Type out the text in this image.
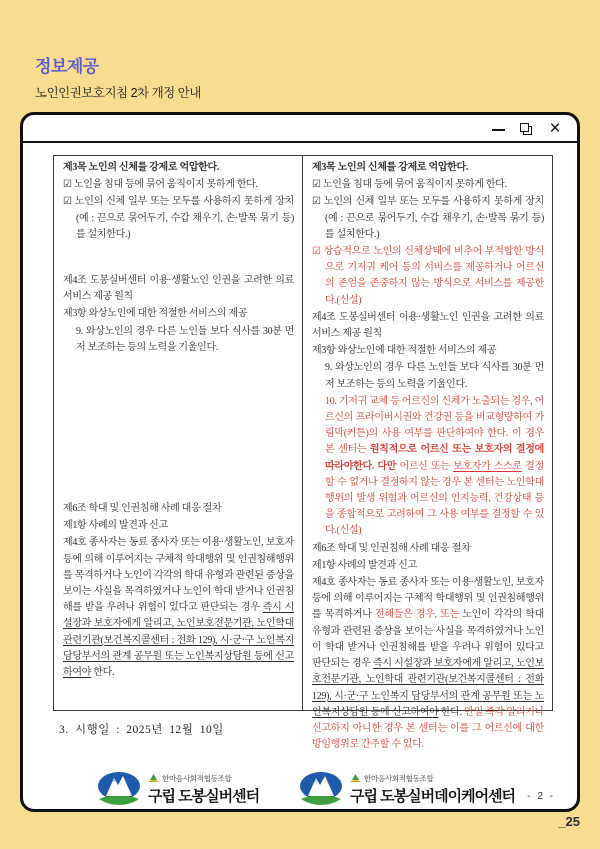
정보제공
노인인권보호지침 2차 개정 안내
×
제3목 노인의 신체를 강제로 억압한다.
☑ 노인을 침대 등에 묶어 움직이지 못하게 한다.
☑ 노인의 신체 일부 또는 모두를 사용하지 못하게 장치 (예 : 끈으로 묶어두기, 수갑 채우기, 손·발목 묶기 등)를 설치한다.)
제4조 도봉실버센터 이용·생활노인 인권을 고려한 의료서비스 제공 원칙
제3항 와상노인에 대한 적절한 서비스의 제공
9. 와상노인의 경우 다른 노인들 보다 식사를 30분 먼저 보조하는 등의 노력을 기울인다.
제6조 학대 및 인권침해 사례 대응 절차
제1항 사례의 발견과 신고
제4호 종사자는 동료 종사자 또는 이용·생활노인, 보호자 등에 의해 이루어지는 구체적 학대행위 및 인권침해행위를 목격하거나 노인이 각각의 학대 유형과 관련된 증상을 보이는 사실을 목격하였거나 노인이 학대 받거나 인권침해를 받을 우려나 위험이 있다고 판단되는 경우 즉시 시설장과 보호자에게 알리고, 노인보호전문기관, 노인학대 관련기관(보건복지콜센터 : 전화 129), 시·군·구 노인복지 담당부서의 관계 공무원 또는 노인복지상담원 등에 신고하여야 한다.
제3목 노인의 신체를 강제로 억압한다.
☑ 노인을 침대 등에 묶어 움직이지 못하게 한다.
☑ 노인의 신체 일부 또는 모두를 사용하지 못하게 장치 (예 : 끈으로 묶어두기, 수갑 채우기, 손·발목 묶기 등)를 설치한다.)
☑ 상습적으로 노인의 신체상태에 비추어 부적합한 방식으로 기저귀 케어 등의 서비스를 제공하거나 어르신의 존엄을 존중하지 않는 방식으로 서비스를 제공한다.(신설)
제4조 도봉실버센터 이용·생활노인 인권을 고려한 의료서비스 제공 원칙
제3항 와상노인에 대한 적절한 서비스의 제공
9. 와상노인의 경우 다른 노인들 보다 식사를 30분 먼저 보조하는 등의 노력을 기울인다.
10. 기저귀 교체 등 어르신의 신체가 노출되는 경우, 어르신의 프라이버시권와 건강권 등을 비교형량하여 가림막(커튼)의 사용 여부를 판단하여야 한다. 이 경우 본 센터는 원칙적으로 어르신 또는 보호자의 결정에 따라야한다. 다만 어르신 또는 보호자가 스스로 결정할 수 없거나 결정하지 않는 경우 본 센터는 노인학대행위의 발생 위험과 어르신의 인지능력, 건강상태 등을 종합적으로 고려하여 그 사용 여부를 결정할 수 있다.(신설)
제6조 학대 및 인권침해 사례 대응 절차
제1항 사례의 발견과 신고
제4호 종사자는 동료 종사자 또는 이용·생활노인, 보호자 등에 의해 이루어지는 구체적 학대행위 및 인권침해행위를 목격하거나 전해들은 경우, 또는 노인이 각각의 학대 유형과 관련된 증상을 보이는 사실을 목격하였거나 노인이 학대 받거나 인권침해를 받을 우려나 위험이 있다고 판단되는 경우 즉시 시설장과 보호자에게 알리고, 노인보호전문기관, 노인학대 관련기관(보건복지콜센터 : 전화 129), 시·군·구 노인복지 담당부서의 관계 공무원 또는 노인복지상담원 등에 신고하여야 한다. 만일 즉각 알리거나 신고하지 아니한 경우 본 센터는 이를 그 어르신에 대한 방임행위로 간주할 수 있다.
3. 시행일 : 2025년 12월 10일
한마음사회적협동조합
구립 도봉실버센터
한마음사회적협동조합
구립 도봉실버데이케어센터 - 2 -
_25
